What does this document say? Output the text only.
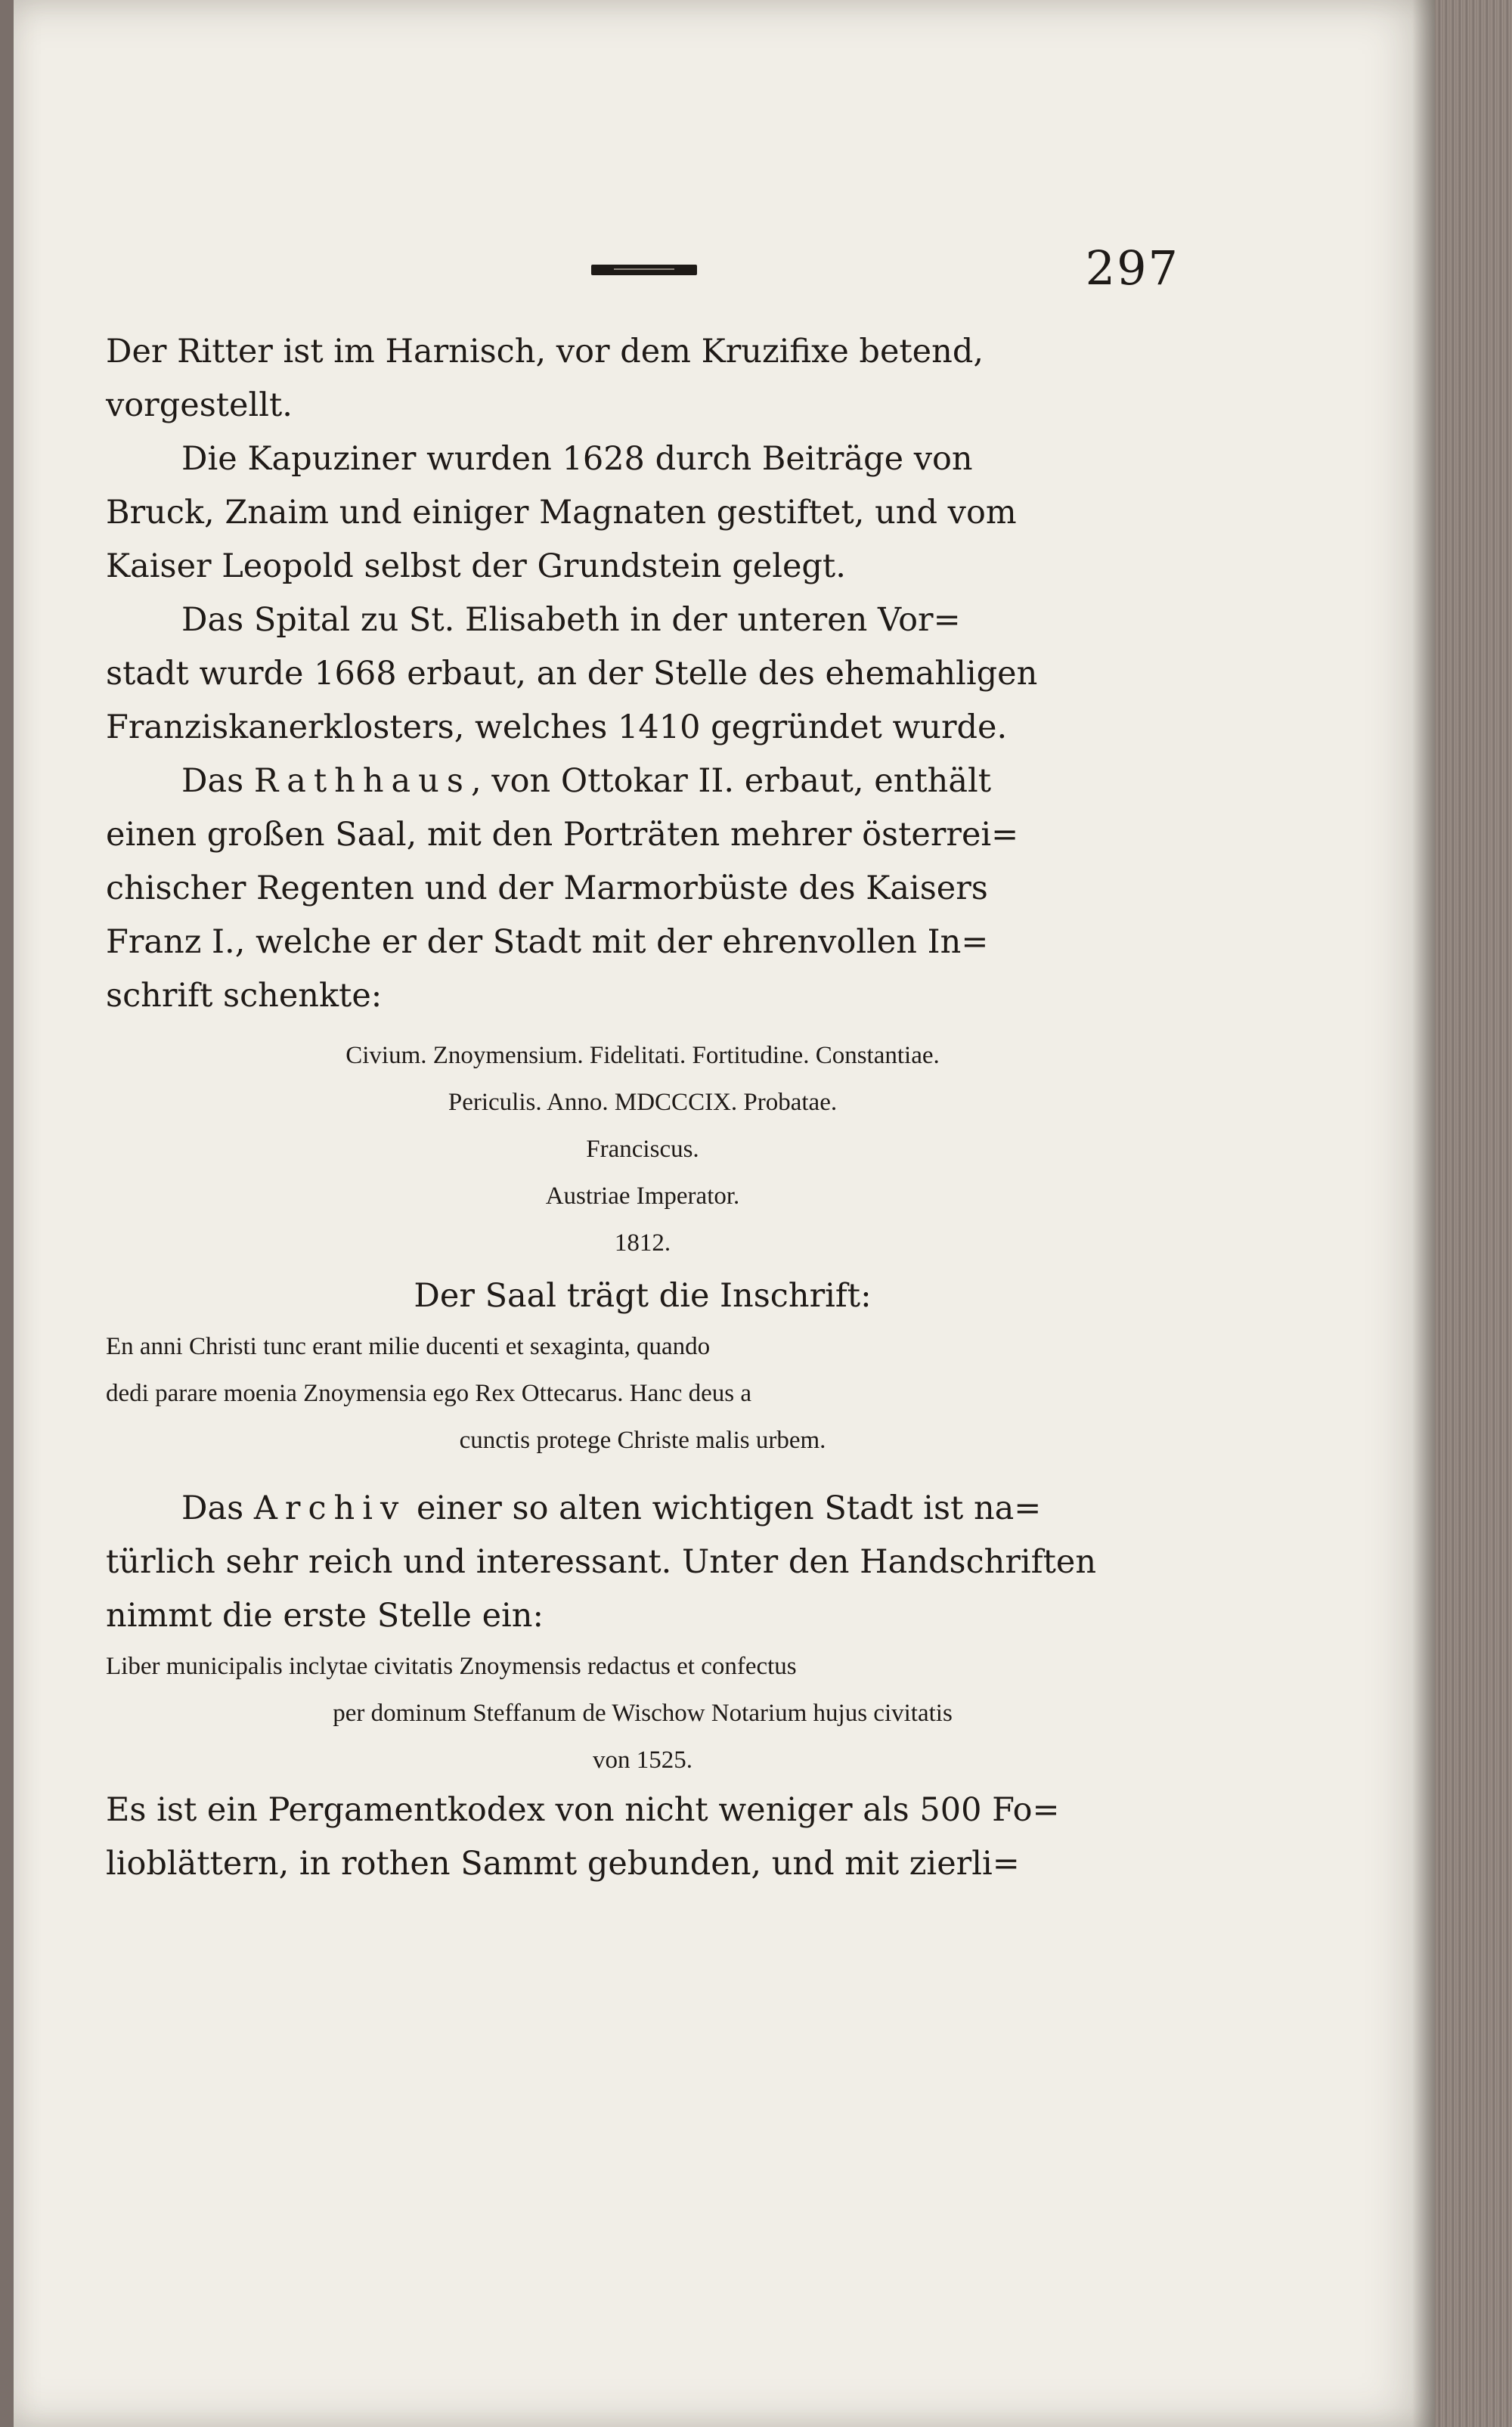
297

Der Ritter ist im Harnisch, vor dem Kruzifixe betend,
vorgestellt.

Die Kapuziner wurden 1628 durch Beiträge von
Bruck, Znaim und einiger Magnaten gestiftet, und vom
Kaiser Leopold selbst der Grundstein gelegt.

Das Spital zu St. Elisabeth in der unteren Vor=
stadt wurde 1668 erbaut, an der Stelle des ehemahligen
Franziskanerklosters, welches 1410 gegründet wurde.

Das Rathhaus, von Ottokar II. erbaut, enthält
einen großen Saal, mit den Porträten mehrer österrei=
chischer Regenten und der Marmorbüste des Kaisers
Franz I., welche er der Stadt mit der ehrenvollen In=
schrift schenkte:

Civium. Znoymensium. Fidelitati. Fortitudine. Constantiae.

Periculis. Anno. MDCCCIX. Probatae.

Franciscus.

Austriae Imperator.

1812.

Der Saal trägt die Inschrift:

En anni Christi tunc erant milie ducenti et sexaginta, quando

dedi parare moenia Znoymensia ego Rex Ottecarus. Hanc deus a

cunctis protege Christe malis urbem.

Das Archiv einer so alten wichtigen Stadt ist na=
türlich sehr reich und interessant. Unter den Handschriften
nimmt die erste Stelle ein:

Liber municipalis inclytae civitatis Znoymensis redactus et confectus

per dominum Steffanum de Wischow Notarium hujus civitatis

von 1525.

Es ist ein Pergamentkodex von nicht weniger als 500 Fo=
lioblättern, in rothen Sammt gebunden, und mit zierli=
